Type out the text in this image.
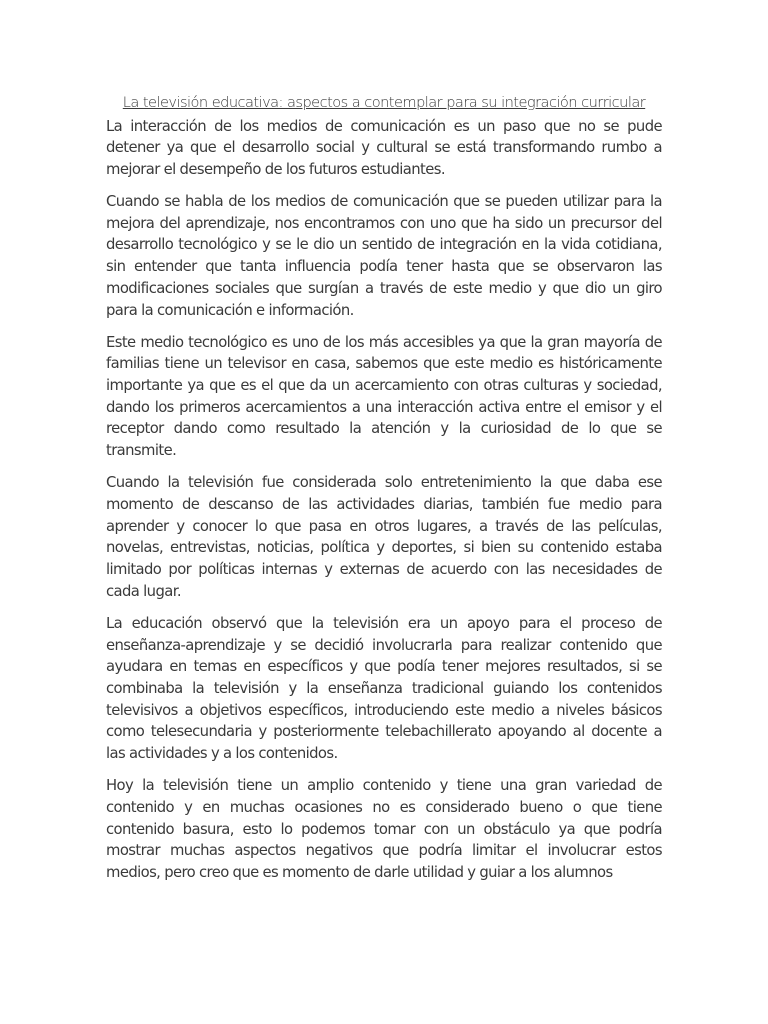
La televisión educativa: aspectos a contemplar para su integración curricular

La interacción de los medios de comunicación es un paso que no se pude detener ya que el desarrollo social y cultural se está transformando rumbo a mejorar el desempeño de los futuros estudiantes.

Cuando se habla de los medios de comunicación que se pueden utilizar para la mejora del aprendizaje, nos encontramos con uno que ha sido un precursor del desarrollo tecnológico y se le dio un sentido de integración en la vida cotidiana, sin entender que tanta influencia podía tener hasta que se observaron las modificaciones sociales que surgían a través de este medio y que dio un giro para la comunicación e información.

Este medio tecnológico es uno de los más accesibles ya que la gran mayoría de familias tiene un televisor en casa, sabemos que este medio es históricamente importante ya que es el que da un acercamiento con otras culturas y sociedad, dando los primeros acercamientos a una interacción activa entre el emisor y el receptor dando como resultado la atención y la curiosidad de lo que se transmite.

Cuando la televisión fue considerada solo entretenimiento la que daba ese momento de descanso de las actividades diarias, también fue medio para aprender y conocer lo que pasa en otros lugares, a través de las películas, novelas, entrevistas, noticias, política y deportes, si bien su contenido estaba limitado por políticas internas y externas de acuerdo con las necesidades de cada lugar.

La educación observó que la televisión era un apoyo para el proceso de enseñanza-aprendizaje y se decidió involucrarla para realizar contenido que ayudara en temas en específicos y que podía tener mejores resultados, si se combinaba la televisión y la enseñanza tradicional guiando los contenidos televisivos a objetivos específicos, introduciendo este medio a niveles básicos como telesecundaria y posteriormente telebachillerato apoyando al docente a las actividades y a los contenidos.

Hoy la televisión tiene un amplio contenido y tiene una gran variedad de contenido y en muchas ocasiones no es considerado bueno o que tiene contenido basura, esto lo podemos tomar con un obstáculo ya que podría mostrar muchas aspectos negativos que podría limitar el involucrar estos medios, pero creo que es momento de darle utilidad y guiar a los alumnos
